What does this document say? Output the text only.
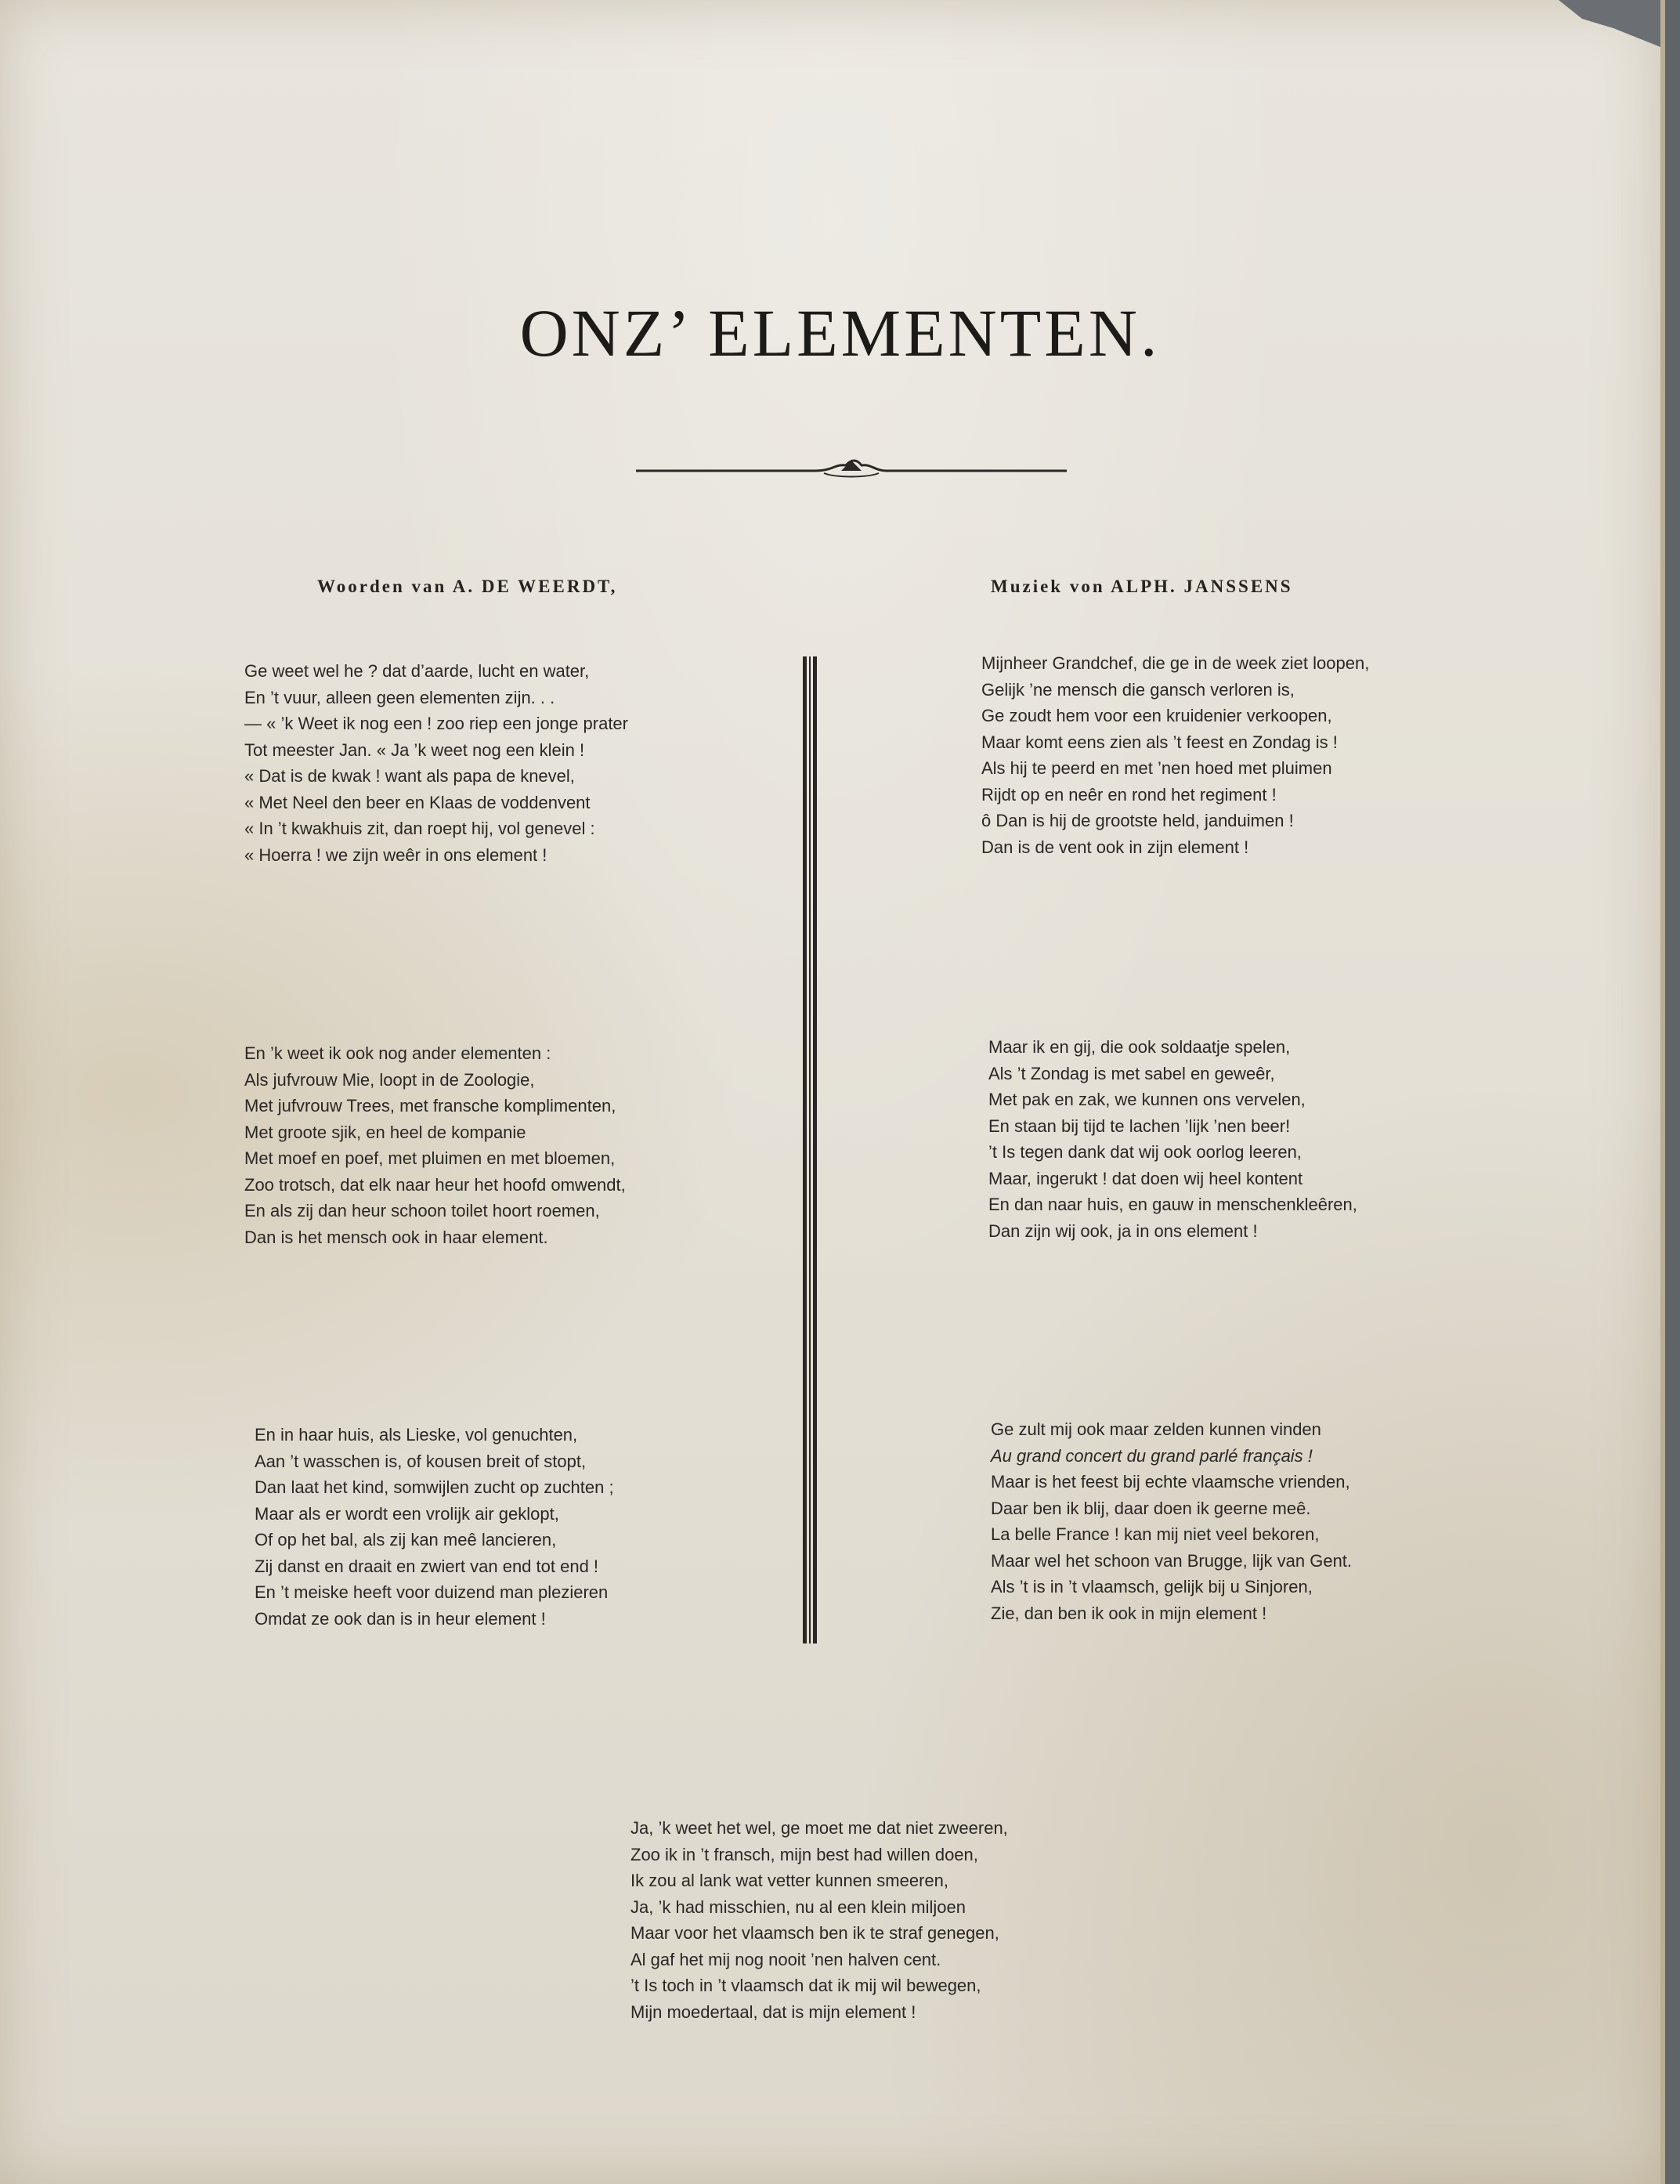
ONZ’ ELEMENTEN.
Woorden van A. DE WEERDT,	Muziek von ALPH. JANSSENS
Ge weet wel he ? dat d’aarde, lucht en water,
En ’t vuur, alleen geen elementen zijn. . .
— « ’k Weet ik nog een ! zoo riep een jonge prater
Tot meester Jan. « Ja ’k weet nog een klein !
« Dat is de kwak ! want als papa de knevel,
« Met Neel den beer en Klaas de voddenvent
« In ’t kwakhuis zit, dan roept hij, vol genevel :
« Hoerra ! we zijn weêr in ons element !
En ’k weet ik ook nog ander elementen :
Als jufvrouw Mie, loopt in de Zoologie,
Met jufvrouw Trees, met fransche komplimenten,
Met groote sjik, en heel de kompanie
Met moef en poef, met pluimen en met bloemen,
Zoo trotsch, dat elk naar heur het hoofd omwendt,
En als zij dan heur schoon toilet hoort roemen,
Dan is het mensch ook in haar element.
En in haar huis, als Lieske, vol genuchten,
Aan ’t wasschen is, of kousen breit of stopt,
Dan laat het kind, somwijlen zucht op zuchten ;
Maar als er wordt een vrolijk air geklopt,
Of op het bal, als zij kan meê lancieren,
Zij danst en draait en zwiert van end tot end !
En ’t meiske heeft voor duizend man plezieren
Omdat ze ook dan is in heur element !
Mijnheer Grandchef, die ge in de week ziet loopen,
Gelijk ’ne mensch die gansch verloren is,
Ge zoudt hem voor een kruidenier verkoopen,
Maar komt eens zien als ’t feest en Zondag is !
Als hij te peerd en met ’nen hoed met pluimen
Rijdt op en neêr en rond het regiment !
ô Dan is hij de grootste held, janduimen !
Dan is de vent ook in zijn element !
Maar ik en gij, die ook soldaatje spelen,
Als ’t Zondag is met sabel en geweêr,
Met pak en zak, we kunnen ons vervelen,
En staan bij tijd te lachen ’lijk ’nen beer!
’t Is tegen dank dat wij ook oorlog leeren,
Maar, ingerukt ! dat doen wij heel kontent
En dan naar huis, en gauw in menschenkleêren,
Dan zijn wij ook, ja in ons element !
Ge zult mij ook maar zelden kunnen vinden
Au grand concert du grand parlé français !
Maar is het feest bij echte vlaamsche vrienden,
Daar ben ik blij, daar doen ik geerne meê.
La belle France ! kan mij niet veel bekoren,
Maar wel het schoon van Brugge, lijk van Gent.
Als ’t is in ’t vlaamsch, gelijk bij u Sinjoren,
Zie, dan ben ik ook in mijn element !
Ja, ’k weet het wel, ge moet me dat niet zweeren,
Zoo ik in ’t fransch, mijn best had willen doen,
Ik zou al lank wat vetter kunnen smeeren,
Ja, ’k had misschien, nu al een klein miljoen
Maar voor het vlaamsch ben ik te straf genegen,
Al gaf het mij nog nooit ’nen halven cent.
’t Is toch in ’t vlaamsch dat ik mij wil bewegen,
Mijn moedertaal, dat is mijn element !
